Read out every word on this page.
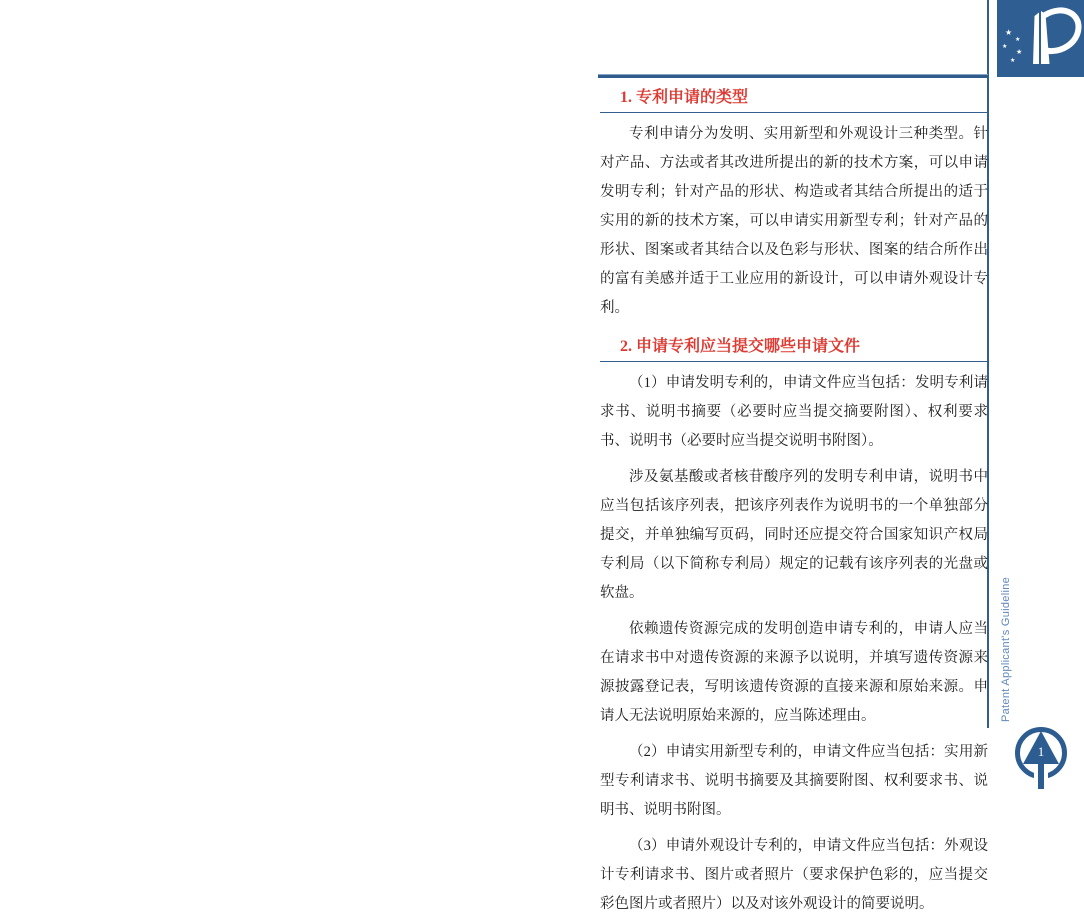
★
★
★
★
★
1. 专利申请的类型

专利申请分为发明、实用新型和外观设计三种类型。针对产品、方法或者其改进所提出的新的技术方案，可以申请发明专利；针对产品的形状、构造或者其结合所提出的适于实用的新的技术方案，可以申请实用新型专利；针对产品的形状、图案或者其结合以及色彩与形状、图案的结合所作出的富有美感并适于工业应用的新设计，可以申请外观设计专利。

2. 申请专利应当提交哪些申请文件

（1）申请发明专利的，申请文件应当包括：发明专利请求书、说明书摘要（必要时应当提交摘要附图）、权利要求书、说明书（必要时应当提交说明书附图）。

涉及氨基酸或者核苷酸序列的发明专利申请，说明书中应当包括该序列表，把该序列表作为说明书的一个单独部分提交，并单独编写页码，同时还应提交符合国家知识产权局专利局（以下简称专利局）规定的记载有该序列表的光盘或软盘。

依赖遗传资源完成的发明创造申请专利的，申请人应当在请求书中对遗传资源的来源予以说明，并填写遗传资源来源披露登记表，写明该遗传资源的直接来源和原始来源。申请人无法说明原始来源的，应当陈述理由。

（2）申请实用新型专利的，申请文件应当包括：实用新型专利请求书、说明书摘要及其摘要附图、权利要求书、说明书、说明书附图。

（3）申请外观设计专利的，申请文件应当包括：外观设计专利请求书、图片或者照片（要求保护色彩的，应当提交彩色图片或者照片）以及对该外观设计的简要说明。

Patent Applicant's Guideline
1
